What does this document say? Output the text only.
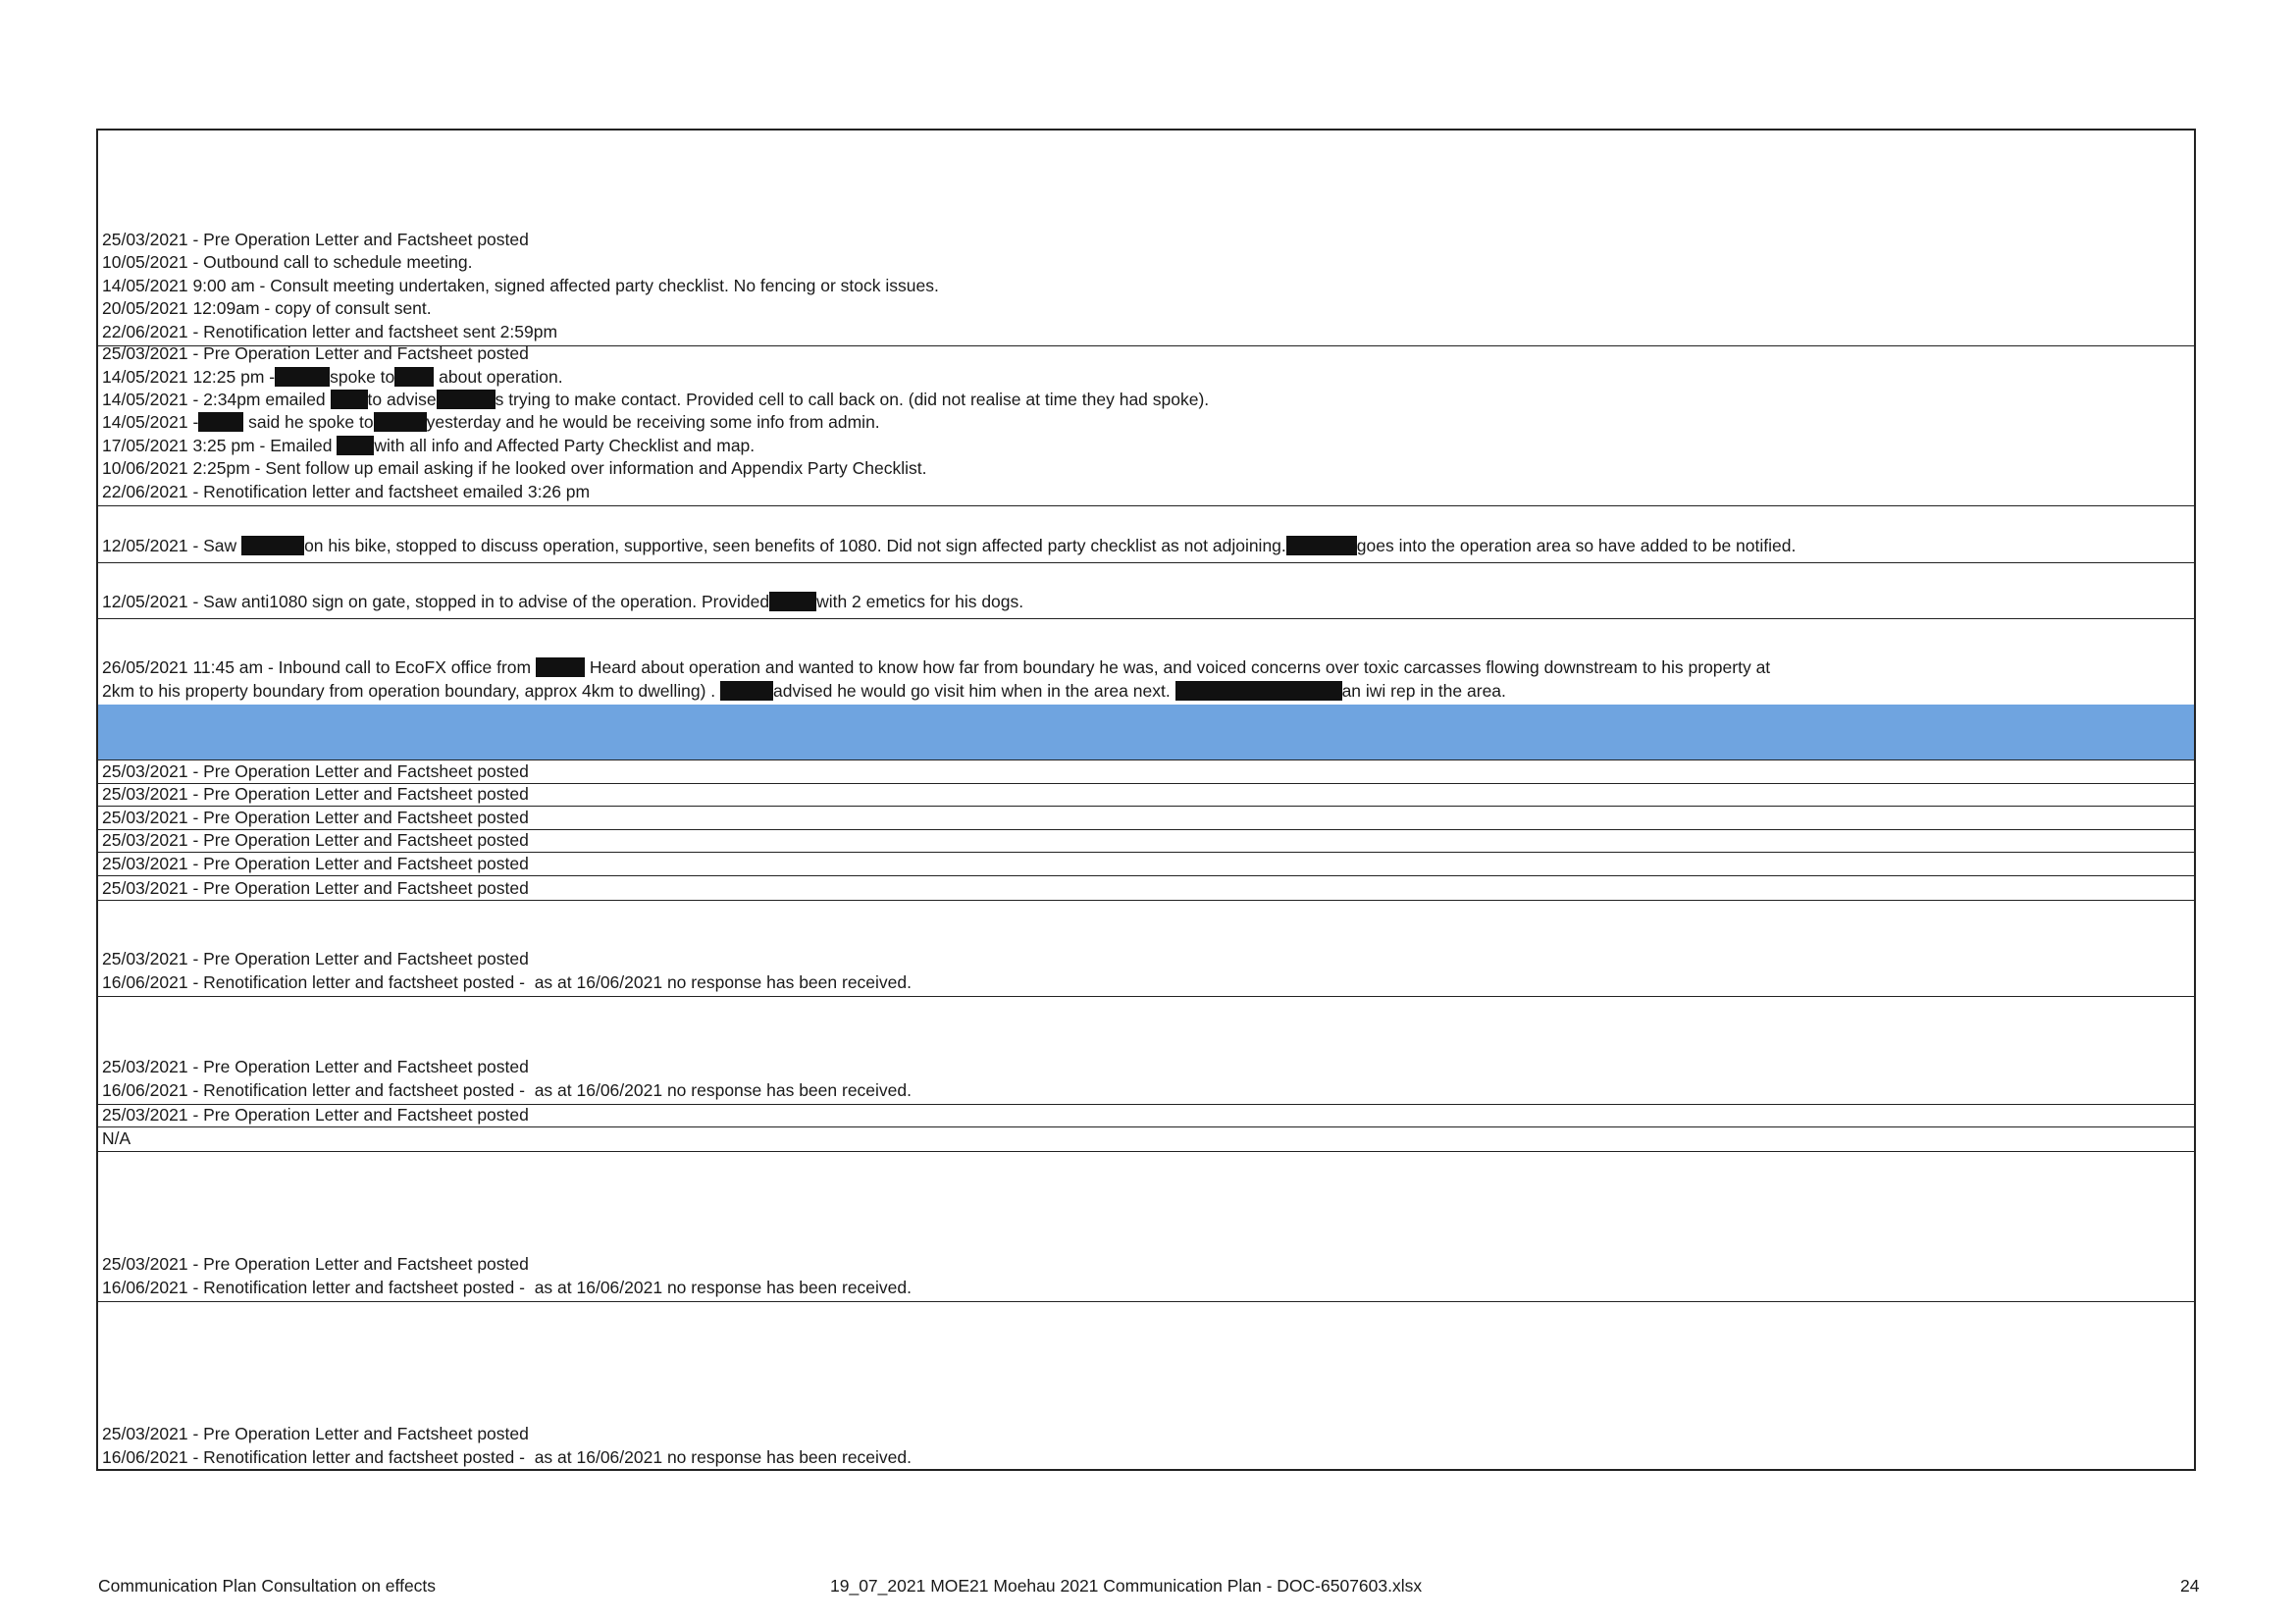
25/03/2021 - Pre Operation Letter and Factsheet posted
10/05/2021 - Outbound call to schedule meeting.
14/05/2021 9:00 am - Consult meeting undertaken, signed affected party checklist. No fencing or stock issues.
20/05/2021 12:09am - copy of consult sent.
22/06/2021 - Renotification letter and factsheet sent 2:59pm
25/03/2021 - Pre Operation Letter and Factsheet posted
14/05/2021 12:25 pm -	spoke to	about operation.
14/05/2021 - 2:34pm emailed to advise	s trying to make contact. Provided cell to call back on. (did not realise at time they had spoke).
14/05/2021 -	said he spoke to	yesterday and he would be receiving some info from admin.
17/05/2021 3:25 pm - Emailed with all info and Affected Party Checklist and map.
10/06/2021 2:25pm - Sent follow up email asking if he looked over information and Appendix Party Checklist.
22/06/2021 - Renotification letter and factsheet emailed 3:26 pm
12/05/2021 - Saw	on his bike, stopped to discuss operation, supportive, seen benefits of 1080. Did not sign affected party checklist as not adjoining.	goes into the operation area so have added to be notified.
12/05/2021 - Saw anti1080 sign on gate, stopped in to advise of the operation. Provided	with 2 emetics for his dogs.
26/05/2021 11:45 am - Inbound call to EcoFX office from	Heard about operation and wanted to know how far from boundary he was, and voiced concerns over toxic carcasses flowing downstream to his property at
2km to his property boundary from operation boundary, approx 4km to dwelling) .	advised he would go visit him when in the area next.	an iwi rep in the area.
25/03/2021 - Pre Operation Letter and Factsheet posted
25/03/2021 - Pre Operation Letter and Factsheet posted
25/03/2021 - Pre Operation Letter and Factsheet posted
25/03/2021 - Pre Operation Letter and Factsheet posted
25/03/2021 - Pre Operation Letter and Factsheet posted
25/03/2021 - Pre Operation Letter and Factsheet posted
25/03/2021 - Pre Operation Letter and Factsheet posted
16/06/2021 - Renotification letter and factsheet posted -  as at 16/06/2021 no response has been received.
25/03/2021 - Pre Operation Letter and Factsheet posted
16/06/2021 - Renotification letter and factsheet posted -  as at 16/06/2021 no response has been received.
25/03/2021 - Pre Operation Letter and Factsheet posted
N/A
25/03/2021 - Pre Operation Letter and Factsheet posted
16/06/2021 - Renotification letter and factsheet posted -  as at 16/06/2021 no response has been received.
25/03/2021 - Pre Operation Letter and Factsheet posted
16/06/2021 - Renotification letter and factsheet posted -  as at 16/06/2021 no response has been received.
Communication Plan Consultation on effects	19_07_2021 MOE21 Moehau 2021 Communication Plan - DOC-6507603.xlsx	24
